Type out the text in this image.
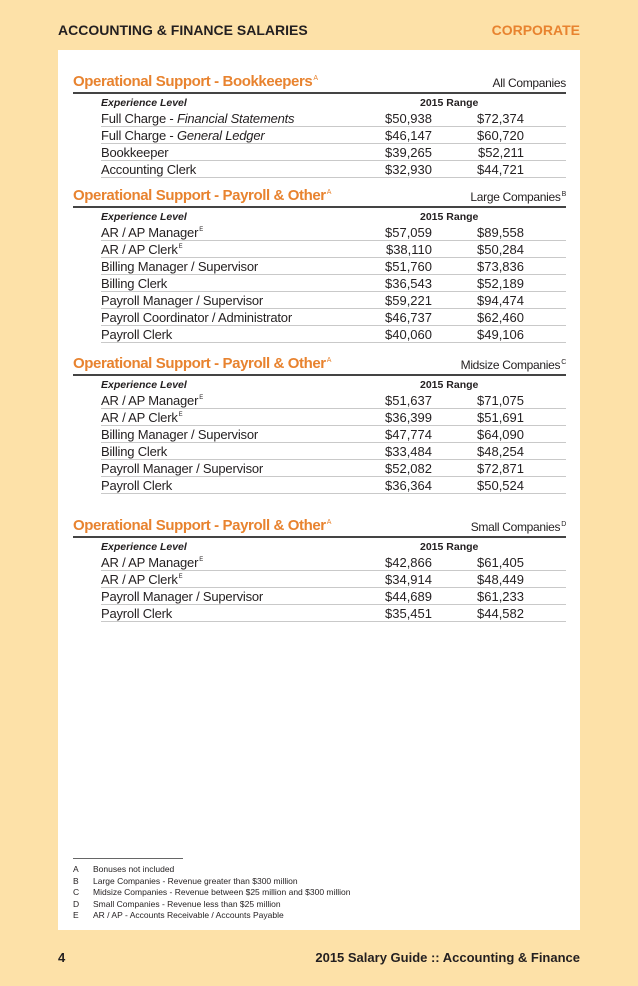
ACCOUNTING & FINANCE SALARIES	CORPORATE
Operational Support - Bookkeepers$^A$	All Companies
Experience Level	2015 Range
Full Charge - Financial Statements	$50,938	$72,374
Full Charge - General Ledger	$46,147	$60,720
Bookkeeper	$39,265	$52,211
Accounting Clerk	$32,930	$44,721
Operational Support - Payroll & Other$^A$	Large Companies$^B$
Experience Level	2015 Range
AR / AP Manager$^E$	$57,059	$89,558
AR / AP Clerk$^E$	$38,110	$50,284
Billing Manager / Supervisor	$51,760	$73,836
Billing Clerk	$36,543	$52,189
Payroll Manager / Supervisor	$59,221	$94,474
Payroll Coordinator / Administrator	$46,737	$62,460
Payroll Clerk	$40,060	$49,106
Operational Support - Payroll & Other$^A$	Midsize Companies$^C$
Experience Level	2015 Range
AR / AP Manager$^E$	$51,637	$71,075
AR / AP Clerk$^E$	$36,399	$51,691
Billing Manager / Supervisor	$47,774	$64,090
Billing Clerk	$33,484	$48,254
Payroll Manager / Supervisor	$52,082	$72,871
Payroll Clerk	$36,364	$50,524
Operational Support - Payroll & Other$^A$	Small Companies$^D$
Experience Level	2015 Range
AR / AP Manager$^E$	$42,866	$61,405
AR / AP Clerk$^E$	$34,914	$48,449
Payroll Manager / Supervisor	$44,689	$61,233
Payroll Clerk	$35,451	$44,582
A	Bonuses not included
B	Large Companies - Revenue greater than $300 million
C	Midsize Companies - Revenue between $25 million and $300 million
D	Small Companies - Revenue less than $25 million
E	AR / AP - Accounts Receivable / Accounts Payable
4	2015 Salary Guide :: Accounting & Finance
